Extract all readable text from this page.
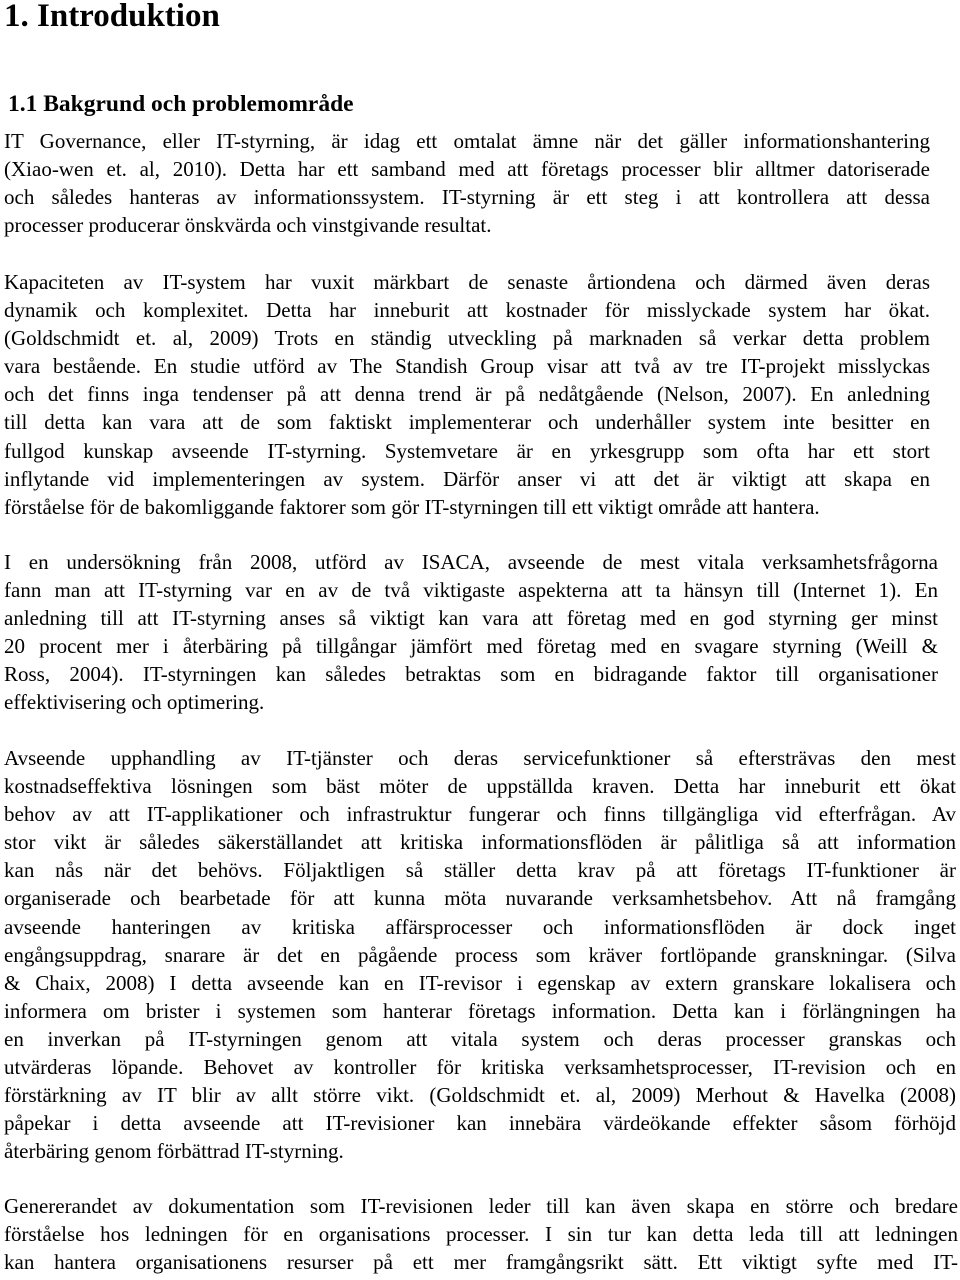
1. Introduktion
1.1 Bakgrund och problemområde
IT Governance, eller IT-styrning, är idag ett omtalat ämne när det gäller informationshantering
(Xiao-wen et. al, 2010). Detta har ett samband med att företags processer blir alltmer datoriserade
och således hanteras av informationssystem. IT-styrning är ett steg i att kontrollera att dessa
processer producerar önskvärda och vinstgivande resultat.
Kapaciteten av IT-system har vuxit märkbart de senaste årtiondena och därmed även deras
dynamik och komplexitet. Detta har inneburit att kostnader för misslyckade system har ökat.
(Goldschmidt et. al, 2009) Trots en ständig utveckling på marknaden så verkar detta problem
vara bestående. En studie utförd av The Standish Group visar att två av tre IT-projekt misslyckas
och det finns inga tendenser på att denna trend är på nedåtgående (Nelson, 2007). En anledning
till detta kan vara att de som faktiskt implementerar och underhåller system inte besitter en
fullgod kunskap avseende IT-styrning. Systemvetare är en yrkesgrupp som ofta har ett stort
inflytande vid implementeringen av system. Därför anser vi att det är viktigt att skapa en
förståelse för de bakomliggande faktorer som gör IT-styrningen till ett viktigt område att hantera.
I en undersökning från 2008, utförd av ISACA, avseende de mest vitala verksamhetsfrågorna
fann man att IT-styrning var en av de två viktigaste aspekterna att ta hänsyn till (Internet 1). En
anledning till att IT-styrning anses så viktigt kan vara att företag med en god styrning ger minst
20 procent mer i återbäring på tillgångar jämfört med företag med en svagare styrning (Weill &
Ross, 2004). IT-styrningen kan således betraktas som en bidragande faktor till organisationer
effektivisering och optimering.
Avseende upphandling av IT-tjänster och deras servicefunktioner så eftersträvas den mest
kostnadseffektiva lösningen som bäst möter de uppställda kraven. Detta har inneburit ett ökat
behov av att IT-applikationer och infrastruktur fungerar och finns tillgängliga vid efterfrågan. Av
stor vikt är således säkerställandet att kritiska informationsflöden är pålitliga så att information
kan nås när det behövs. Följaktligen så ställer detta krav på att företags IT-funktioner är
organiserade och bearbetade för att kunna möta nuvarande verksamhetsbehov. Att nå framgång
avseende hanteringen av kritiska affärsprocesser och informationsflöden är dock inget
engångsuppdrag, snarare är det en pågående process som kräver fortlöpande granskningar. (Silva
& Chaix, 2008) I detta avseende kan en IT-revisor i egenskap av extern granskare lokalisera och
informera om brister i systemen som hanterar företags information. Detta kan i förlängningen ha
en inverkan på IT-styrningen genom att vitala system och deras processer granskas och
utvärderas löpande. Behovet av kontroller för kritiska verksamhetsprocesser, IT-revision och en
förstärkning av IT blir av allt större vikt. (Goldschmidt et. al, 2009) Merhout & Havelka (2008)
påpekar i detta avseende att IT-revisioner kan innebära värdeökande effekter såsom förhöjd
återbäring genom förbättrad IT-styrning.
Genererandet av dokumentation som IT-revisionen leder till kan även skapa en större och bredare
förståelse hos ledningen för en organisations processer. I sin tur kan detta leda till att ledningen
kan hantera organisationens resurser på ett mer framgångsrikt sätt. Ett viktigt syfte med IT-
